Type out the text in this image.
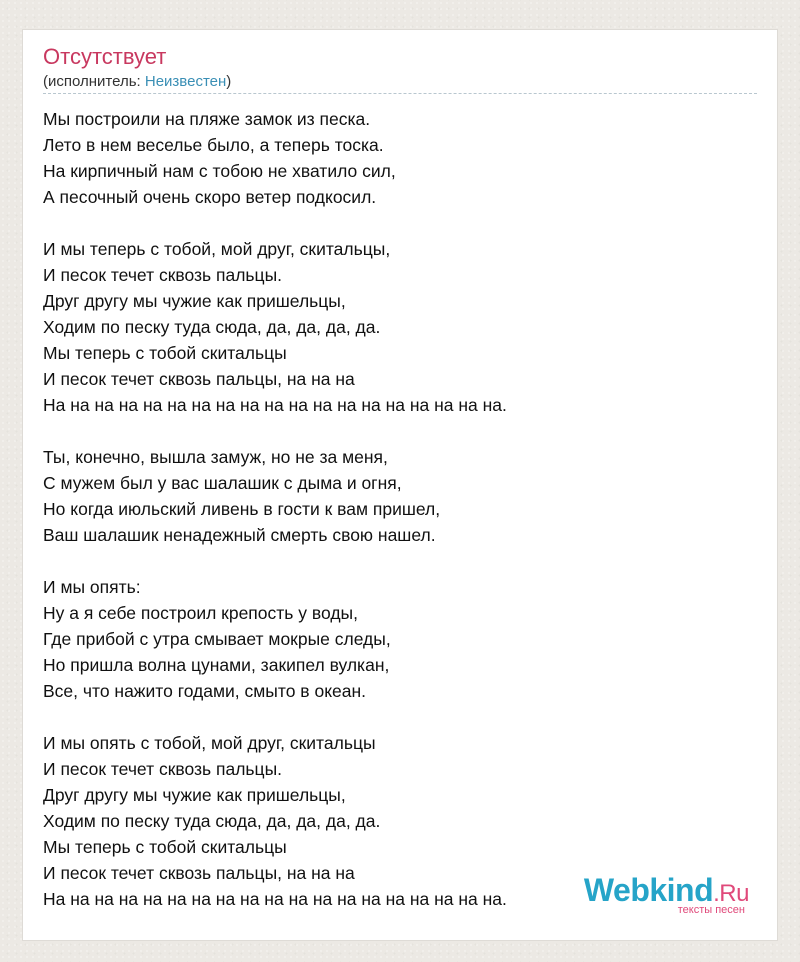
Отсутствует
(исполнитель: Неизвестен)
Мы построили на пляже замок из песка.
Лето в нем веселье было, а теперь тоска.
На кирпичный нам с тобою не хватило сил,
А песочный очень скоро ветер подкосил.
И мы теперь с тобой, мой друг, скитальцы,
И песок течет сквозь пальцы.
Друг другу мы чужие как пришельцы,
Ходим по песку туда сюда, да, да, да, да.
Мы теперь с тобой скитальцы
И песок течет сквозь пальцы, на на на
На на на на на на на на на на на на на на на на на на на.
Ты, конечно, вышла замуж, но не за меня,
С мужем был у вас шалашик с дыма и огня,
Но когда июльский ливень в гости к вам пришел,
Ваш шалашик ненадежный смерть свою нашел.
И мы опять:
Ну а я себе построил крепость у воды,
Где прибой с утра смывает мокрые следы,
Но пришла волна цунами, закипел вулкан,
Все, что нажито годами, смыто в океан.
И мы опять с тобой, мой друг, скитальцы
И песок течет сквозь пальцы.
Друг другу мы чужие как пришельцы,
Ходим по песку туда сюда, да, да, да, да.
Мы теперь с тобой скитальцы
И песок течет сквозь пальцы, на на на
На на на на на на на на на на на на на на на на на на на.	Webkind.Ru
тексты песен
